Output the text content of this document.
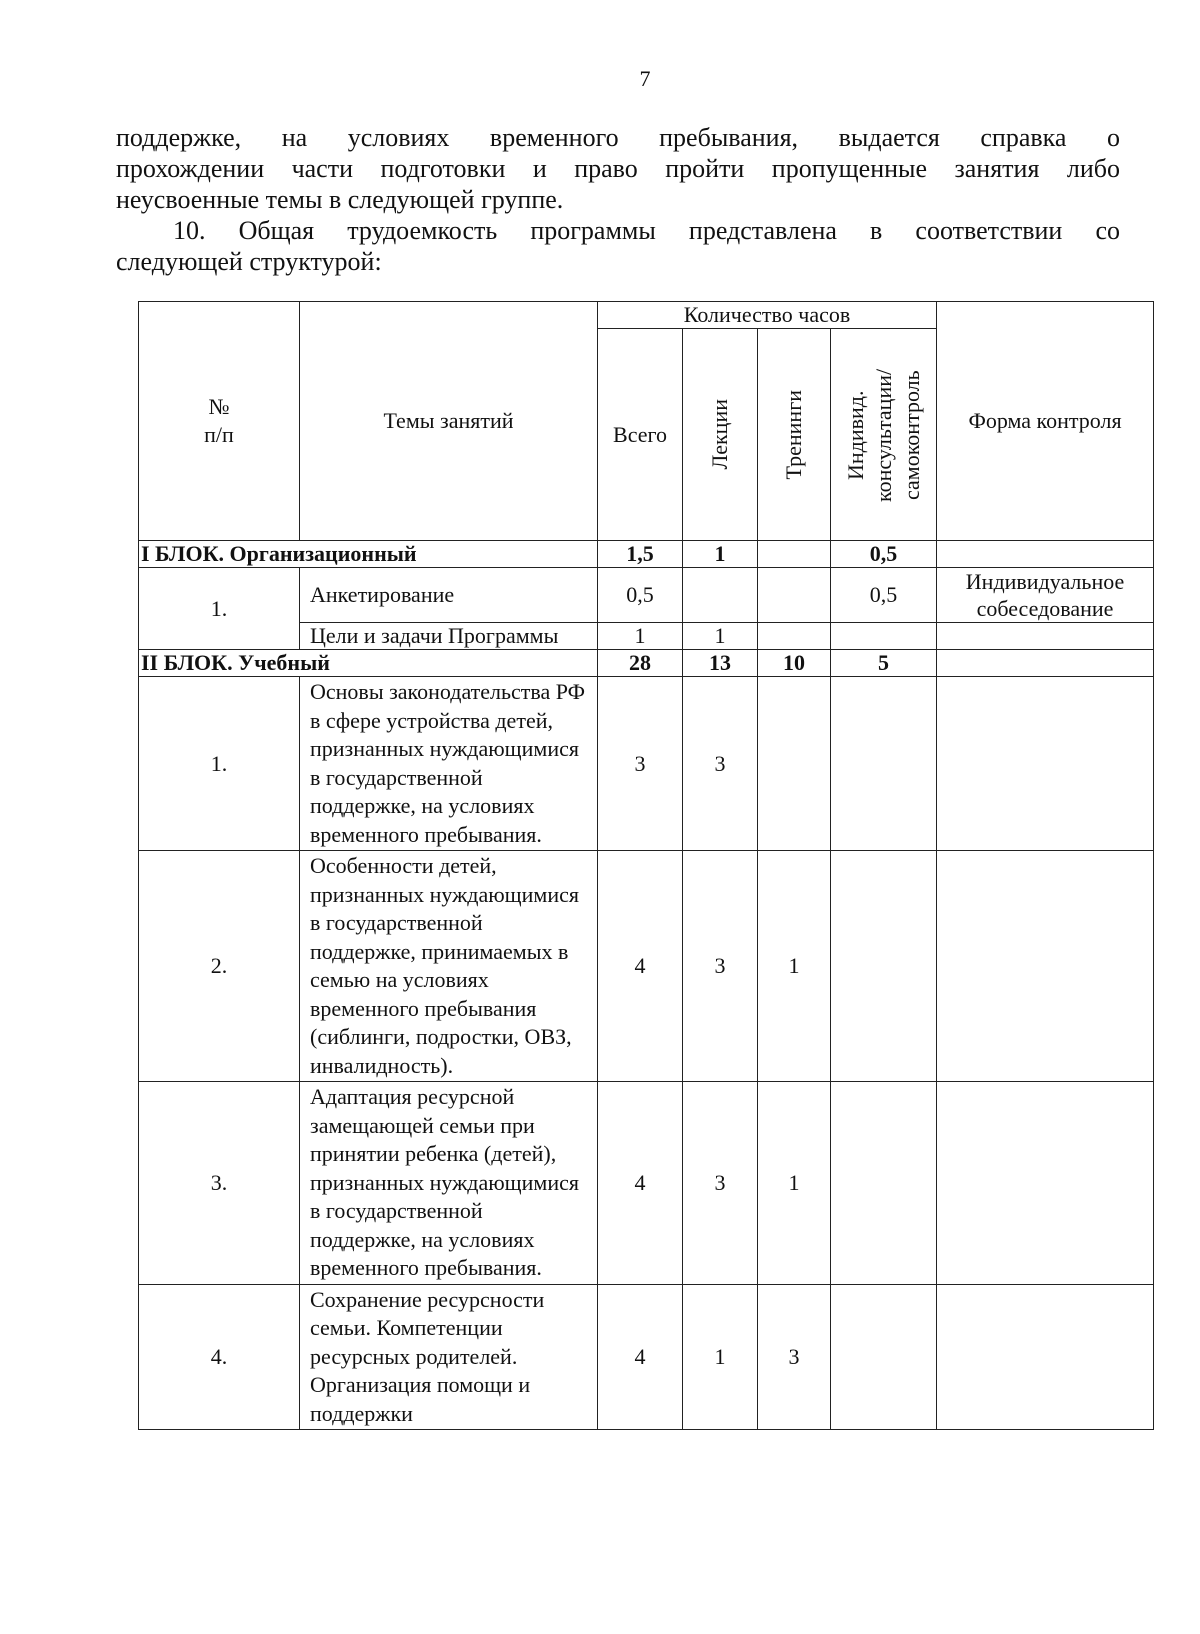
7
поддержке, на условиях временного пребывания, выдается справка о
прохождении части подготовки и право пройти пропущенные занятия либо
неусвоенные темы в следующей группе.
10. Общая трудоемкость программы представлена в соответствии со
следующей структурой:
№ п/п	Темы занятий	Количество часов				Форма контроля
		Всего	Лекции	Тренинги	Индивид. консультации/ самоконтроль	

I БЛОК. Организационный		1,5	1		0,5	
1.	Анкетирование	0,5			0,5	Индивидуальное собеседование
	Цели и задачи Программы	1	1			
II БЛОК. Учебный		28	13	10	5	
1.	Основы законодательства РФ в сфере устройства детей, признанных нуждающимися в государственной поддержке, на условиях временного пребывания.	3	3			
2.	Особенности детей, признанных нуждающимися в государственной поддержке, принимаемых в семью на условиях временного пребывания (сиблинги, подростки, ОВЗ, инвалидность).	4	3	1		
3.	Адаптация ресурсной замещающей семьи при принятии ребенка (детей), признанных нуждающимися в государственной поддержке, на условиях временного пребывания.	4	3	1		
4.	Сохранение ресурсности семьи. Компетенции ресурсных родителей. Организация помощи и поддержки	4	1	3		
